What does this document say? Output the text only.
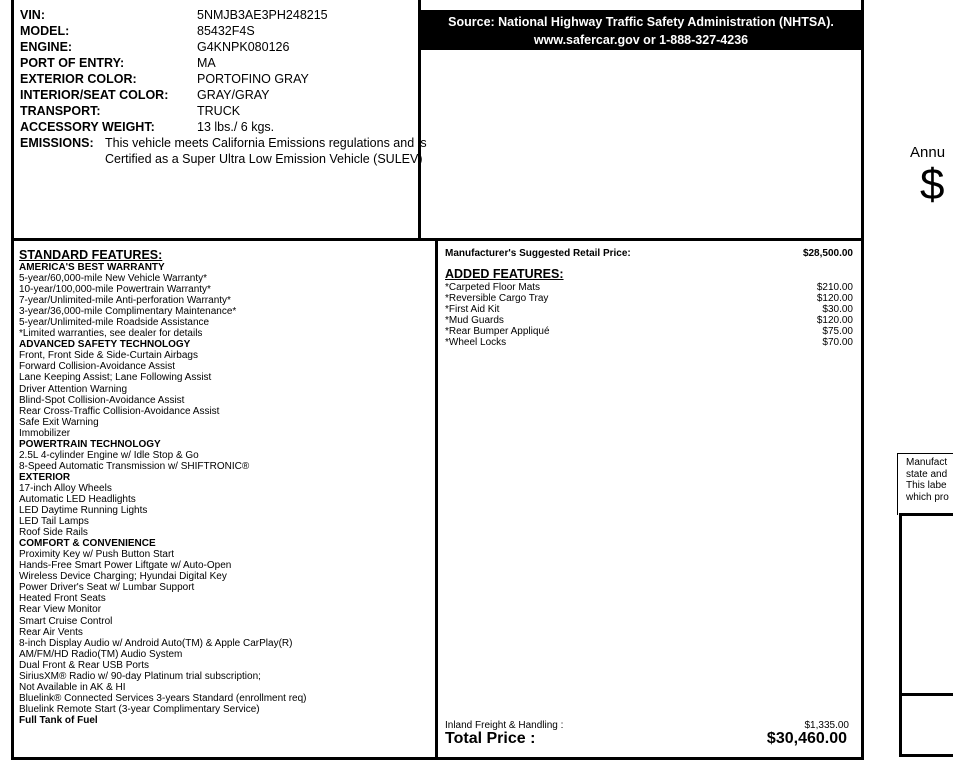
VIN:	5NMJB3AE3PH248215
MODEL:	85432F4S
ENGINE:	G4KNPK080126
PORT OF ENTRY:	MA
EXTERIOR COLOR:	PORTOFINO GRAY
INTERIOR/SEAT COLOR: GRAY/GRAY
TRANSPORT:	TRUCK
ACCESSORY WEIGHT:	13 lbs./ 6 kgs.
EMISSIONS: This vehicle meets California Emissions regulations and is
Certified as a Super Ultra Low Emission Vehicle (SULEV)
Source: National Highway Traffic Safety Administration (NHTSA).
www.safercar.gov or 1-888-327-4236
STANDARD FEATURES:
AMERICA'S BEST WARRANTY
5-year/60,000-mile New Vehicle Warranty*
10-year/100,000-mile Powertrain Warranty*
7-year/Unlimited-mile Anti-perforation Warranty*
3-year/36,000-mile Complimentary Maintenance*
5-year/Unlimited-mile Roadside Assistance
*Limited warranties, see dealer for details
ADVANCED SAFETY TECHNOLOGY
Front, Front Side & Side-Curtain Airbags
Forward Collision-Avoidance Assist
Lane Keeping Assist; Lane Following Assist
Driver Attention Warning
Blind-Spot Collision-Avoidance Assist
Rear Cross-Traffic Collision-Avoidance Assist
Safe Exit Warning
Immobilizer
POWERTRAIN TECHNOLOGY
2.5L 4-cylinder Engine w/ Idle Stop & Go
8-Speed Automatic Transmission w/ SHIFTRONIC®
EXTERIOR
17-inch Alloy Wheels
Automatic LED Headlights
LED Daytime Running Lights
LED Tail Lamps
Roof Side Rails
COMFORT & CONVENIENCE
Proximity Key w/ Push Button Start
Hands-Free Smart Power Liftgate w/ Auto-Open
Wireless Device Charging; Hyundai Digital Key
Power Driver's Seat w/ Lumbar Support
Heated Front Seats
Rear View Monitor
Smart Cruise Control
Rear Air Vents
8-inch Display Audio w/ Android Auto(TM) & Apple CarPlay(R)
AM/FM/HD Radio(TM) Audio System
Dual Front & Rear USB Ports
SiriusXM® Radio w/ 90-day Platinum trial subscription;
Not Available in AK & HI
Bluelink® Connected Services 3-years Standard (enrollment req)
Bluelink Remote Start (3-year Complimentary Service)
Full Tank of Fuel
Manufacturer's Suggested Retail Price:	$28,500.00
ADDED FEATURES:
*Carpeted Floor Mats	$210.00
*Reversible Cargo Tray	$120.00
*First Aid Kit	$30.00
*Mud Guards	$120.00
*Rear Bumper Appliqué	$75.00
*Wheel Locks	$70.00
Inland Freight & Handling :	$1,335.00
Total Price :	$30,460.00
Annu
$
Manufact
state and
This labe
which pro
